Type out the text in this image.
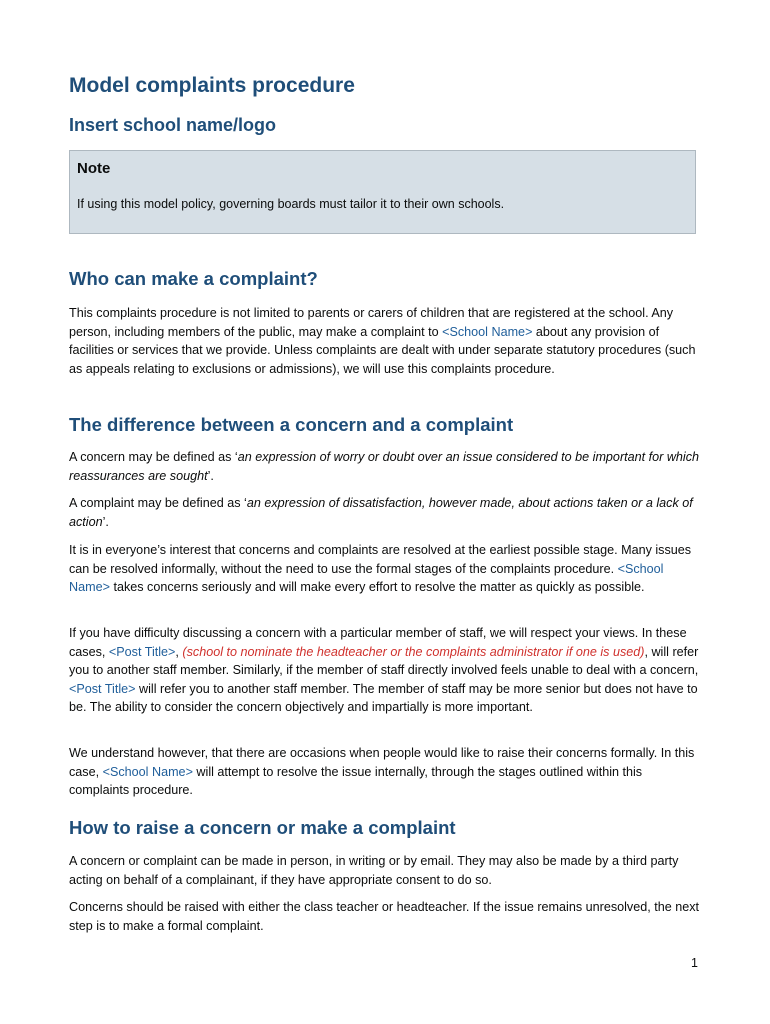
Model complaints procedure
Insert school name/logo
Note
If using this model policy, governing boards must tailor it to their own schools.
Who can make a complaint?

This complaints procedure is not limited to parents or carers of children that are registered at the school. Any person, including members of the public, may make a complaint to <School Name> about any provision of facilities or services that we provide. Unless complaints are dealt with under separate statutory procedures (such as appeals relating to exclusions or admissions), we will use this complaints procedure.

The difference between a concern and a complaint

A concern may be defined as ‘an expression of worry or doubt over an issue considered to be important for which reassurances are sought’.

A complaint may be defined as ‘an expression of dissatisfaction, however made, about actions taken or a lack of action’.

It is in everyone’s interest that concerns and complaints are resolved at the earliest possible stage. Many issues can be resolved informally, without the need to use the formal stages of the complaints procedure. <School Name> takes concerns seriously and will make every effort to resolve the matter as quickly as possible.

If you have difficulty discussing a concern with a particular member of staff, we will respect your views. In these cases, <Post Title>, (school to nominate the headteacher or the complaints administrator if one is used), will refer you to another staff member. Similarly, if the member of staff directly involved feels unable to deal with a concern, <Post Title> will refer you to another staff member. The member of staff may be more senior but does not have to be. The ability to consider the concern objectively and impartially is more important.

We understand however, that there are occasions when people would like to raise their concerns formally. In this case, <School Name> will attempt to resolve the issue internally, through the stages outlined within this complaints procedure.

How to raise a concern or make a complaint

A concern or complaint can be made in person, in writing or by email. They may also be made by a third party acting on behalf of a complainant, if they have appropriate consent to do so.

Concerns should be raised with either the class teacher or headteacher. If the issue remains unresolved, the next step is to make a formal complaint.

1
